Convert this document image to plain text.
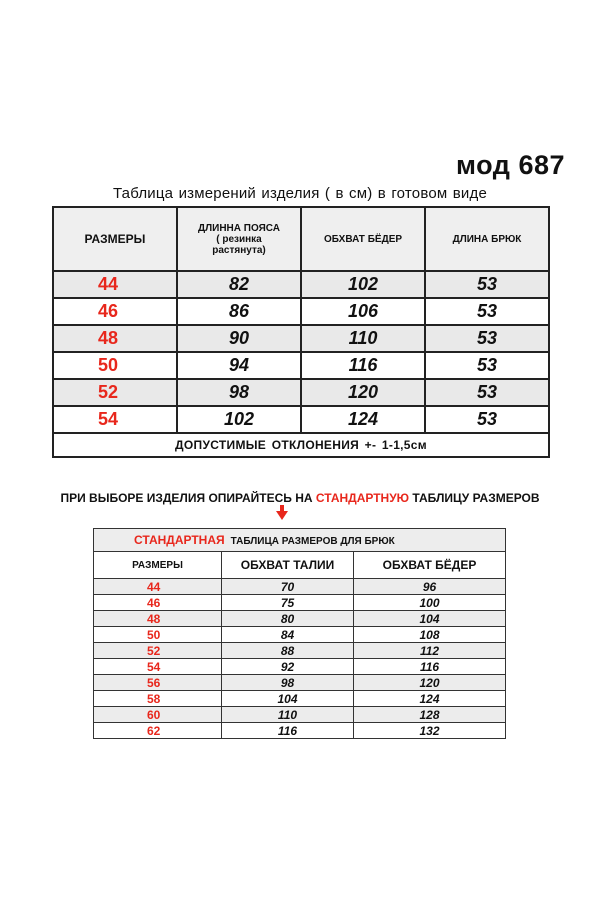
мод 687
Таблица измерений изделия ( в см) в готовом виде
РАЗМЕРЫ	ДЛИННА ПОЯСА
( резинка
растянута)	ОБХВАТ БЁДЕР	ДЛИНА БРЮК
44	82	102	53
46	86	106	53
48	90	110	53
50	94	116	53
52	98	120	53
54	102	124	53
ДОПУСТИМЫЕ ОТКЛОНЕНИЯ +- 1-1,5см			
ПРИ ВЫБОРЕ ИЗДЕЛИЯ ОПИРАЙТЕСЬ НА СТАНДАРТНУЮ ТАБЛИЦУ РАЗМЕРОВ
СТАНДАРТНАЯ ТАБЛИЦА РАЗМЕРОВ ДЛЯ БРЮК		
РАЗМЕРЫ	ОБХВАТ ТАЛИИ	ОБХВАТ БЁДЕР
44	70	96
46	75	100
48	80	104
50	84	108
52	88	112
54	92	116
56	98	120
58	104	124
60	110	128
62	116	132
